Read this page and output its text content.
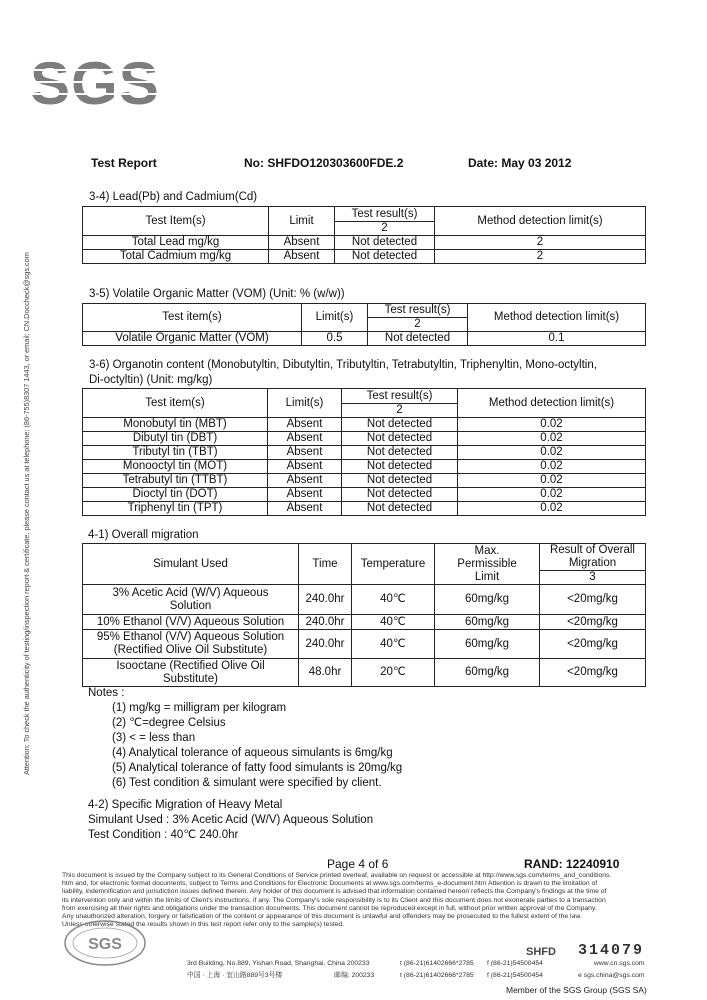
SGS
Attention: To check the authenticity of testing/inspection report & certificate, please contact us at telephone: (86-755)8307 1443, or email: CN.Doccheck@sgs.com
Test Report	No: SHFDO120303600FDE.2	Date: May 03 2012
3-4) Lead(Pb) and Cadmium(Cd)
Test Item(s)	Limit	Test result(s)	Method detection limit(s)
		2	
Total Lead mg/kg	Absent	Not detected	2
Total Cadmium mg/kg	Absent	Not detected	2
3-5) Volatile Organic Matter (VOM) (Unit: % (w/w))
Test item(s)	Limit(s)	Test result(s)	Method detection limit(s)
		2	
Volatile Organic Matter (VOM)	0.5	Not detected	0.1
3-6) Organotin content (Monobutyltin, Dibutyltin, Tributyltin, Tetrabutyltin, Triphenyltin, Mono-octyltin,
Di-octyltin) (Unit: mg/kg)
Test item(s)	Limit(s)	Test result(s)	Method detection limit(s)
		2	
Monobutyl tin (MBT)	Absent	Not detected	0.02
Dibutyl tin (DBT)	Absent	Not detected	0.02
Tributyl tin (TBT)	Absent	Not detected	0.02
Monooctyl tin (MOT)	Absent	Not detected	0.02
Tetrabutyl tin (TTBT)	Absent	Not detected	0.02
Dioctyl tin (DOT)	Absent	Not detected	0.02
Triphenyl tin (TPT)	Absent	Not detected	0.02
4-1) Overall migration
Simulant Used	Time	Temperature	Max. Permissible Limit	Result of Overall Migration
				3
3% Acetic Acid (W/V) Aqueous Solution	240.0hr	40℃	60mg/kg	<20mg/kg
10% Ethanol (V/V) Aqueous Solution	240.0hr	40℃	60mg/kg	<20mg/kg
95% Ethanol (V/V) Aqueous Solution (Rectified Olive Oil Substitute)	240.0hr	40℃	60mg/kg	<20mg/kg
Isooctane (Rectified Olive Oil Substitute)	48.0hr	20℃	60mg/kg	<20mg/kg
Notes :
(1) mg/kg = milligram per kilogram
(2) ℃=degree Celsius
(3) < = less than
(4) Analytical tolerance of aqueous simulants is 6mg/kg
(5) Analytical tolerance of fatty food simulants is 20mg/kg
(6) Test condition & simulant were specified by client.
4-2) Specific Migration of Heavy Metal
Simulant Used : 3% Acetic Acid (W/V) Aqueous Solution
Test Condition : 40℃ 240.0hr
Page 4 of 6	RAND: 12240910
This document is issued by the Company subject to its General Conditions of Service printed overleaf, available on request or accessible at http://www.sgs.com/terms_and_conditions.
htm and, for electronic format documents, subject to Terms and Conditions for Electronic Documents at www.sgs.com/terms_e-document.htm Attention is drawn to the limitation of
liability, indemnification and jurisdiction issues defined therein. Any holder of this document is advised that information contained hereon reflects the Company's findings at the time of
its intervention only and within the limits of Client's instructions, if any. The Company's sole responsibility is to its Client and this document does not exonerate parties to a transaction
from exercising all their rights and obligations under the transaction documents. This document cannot be reproduced except in full, without prior written approval of the Company.
Any unauthorized alteration, forgery or falsification of the content or appearance of this document is unlawful and offenders may be prosecuted to the fullest extent of the law.
Unless otherwise stated the results shown in this test report refer only to the sample(s) tested.
SGS	SHFD 314079
3rd Building, No.889, Yishan Road, Shanghai, China 200233
中国 · 上海 · 宜山路889号3号楼	邮编: 200233
t (86-21)61402666*2785
t (86-21)61402666*2785
f (86-21)54500454
f (86-21)54500454
www.cn.sgs.com
e sgs.china@sgs.com
Member of the SGS Group (SGS SA)
